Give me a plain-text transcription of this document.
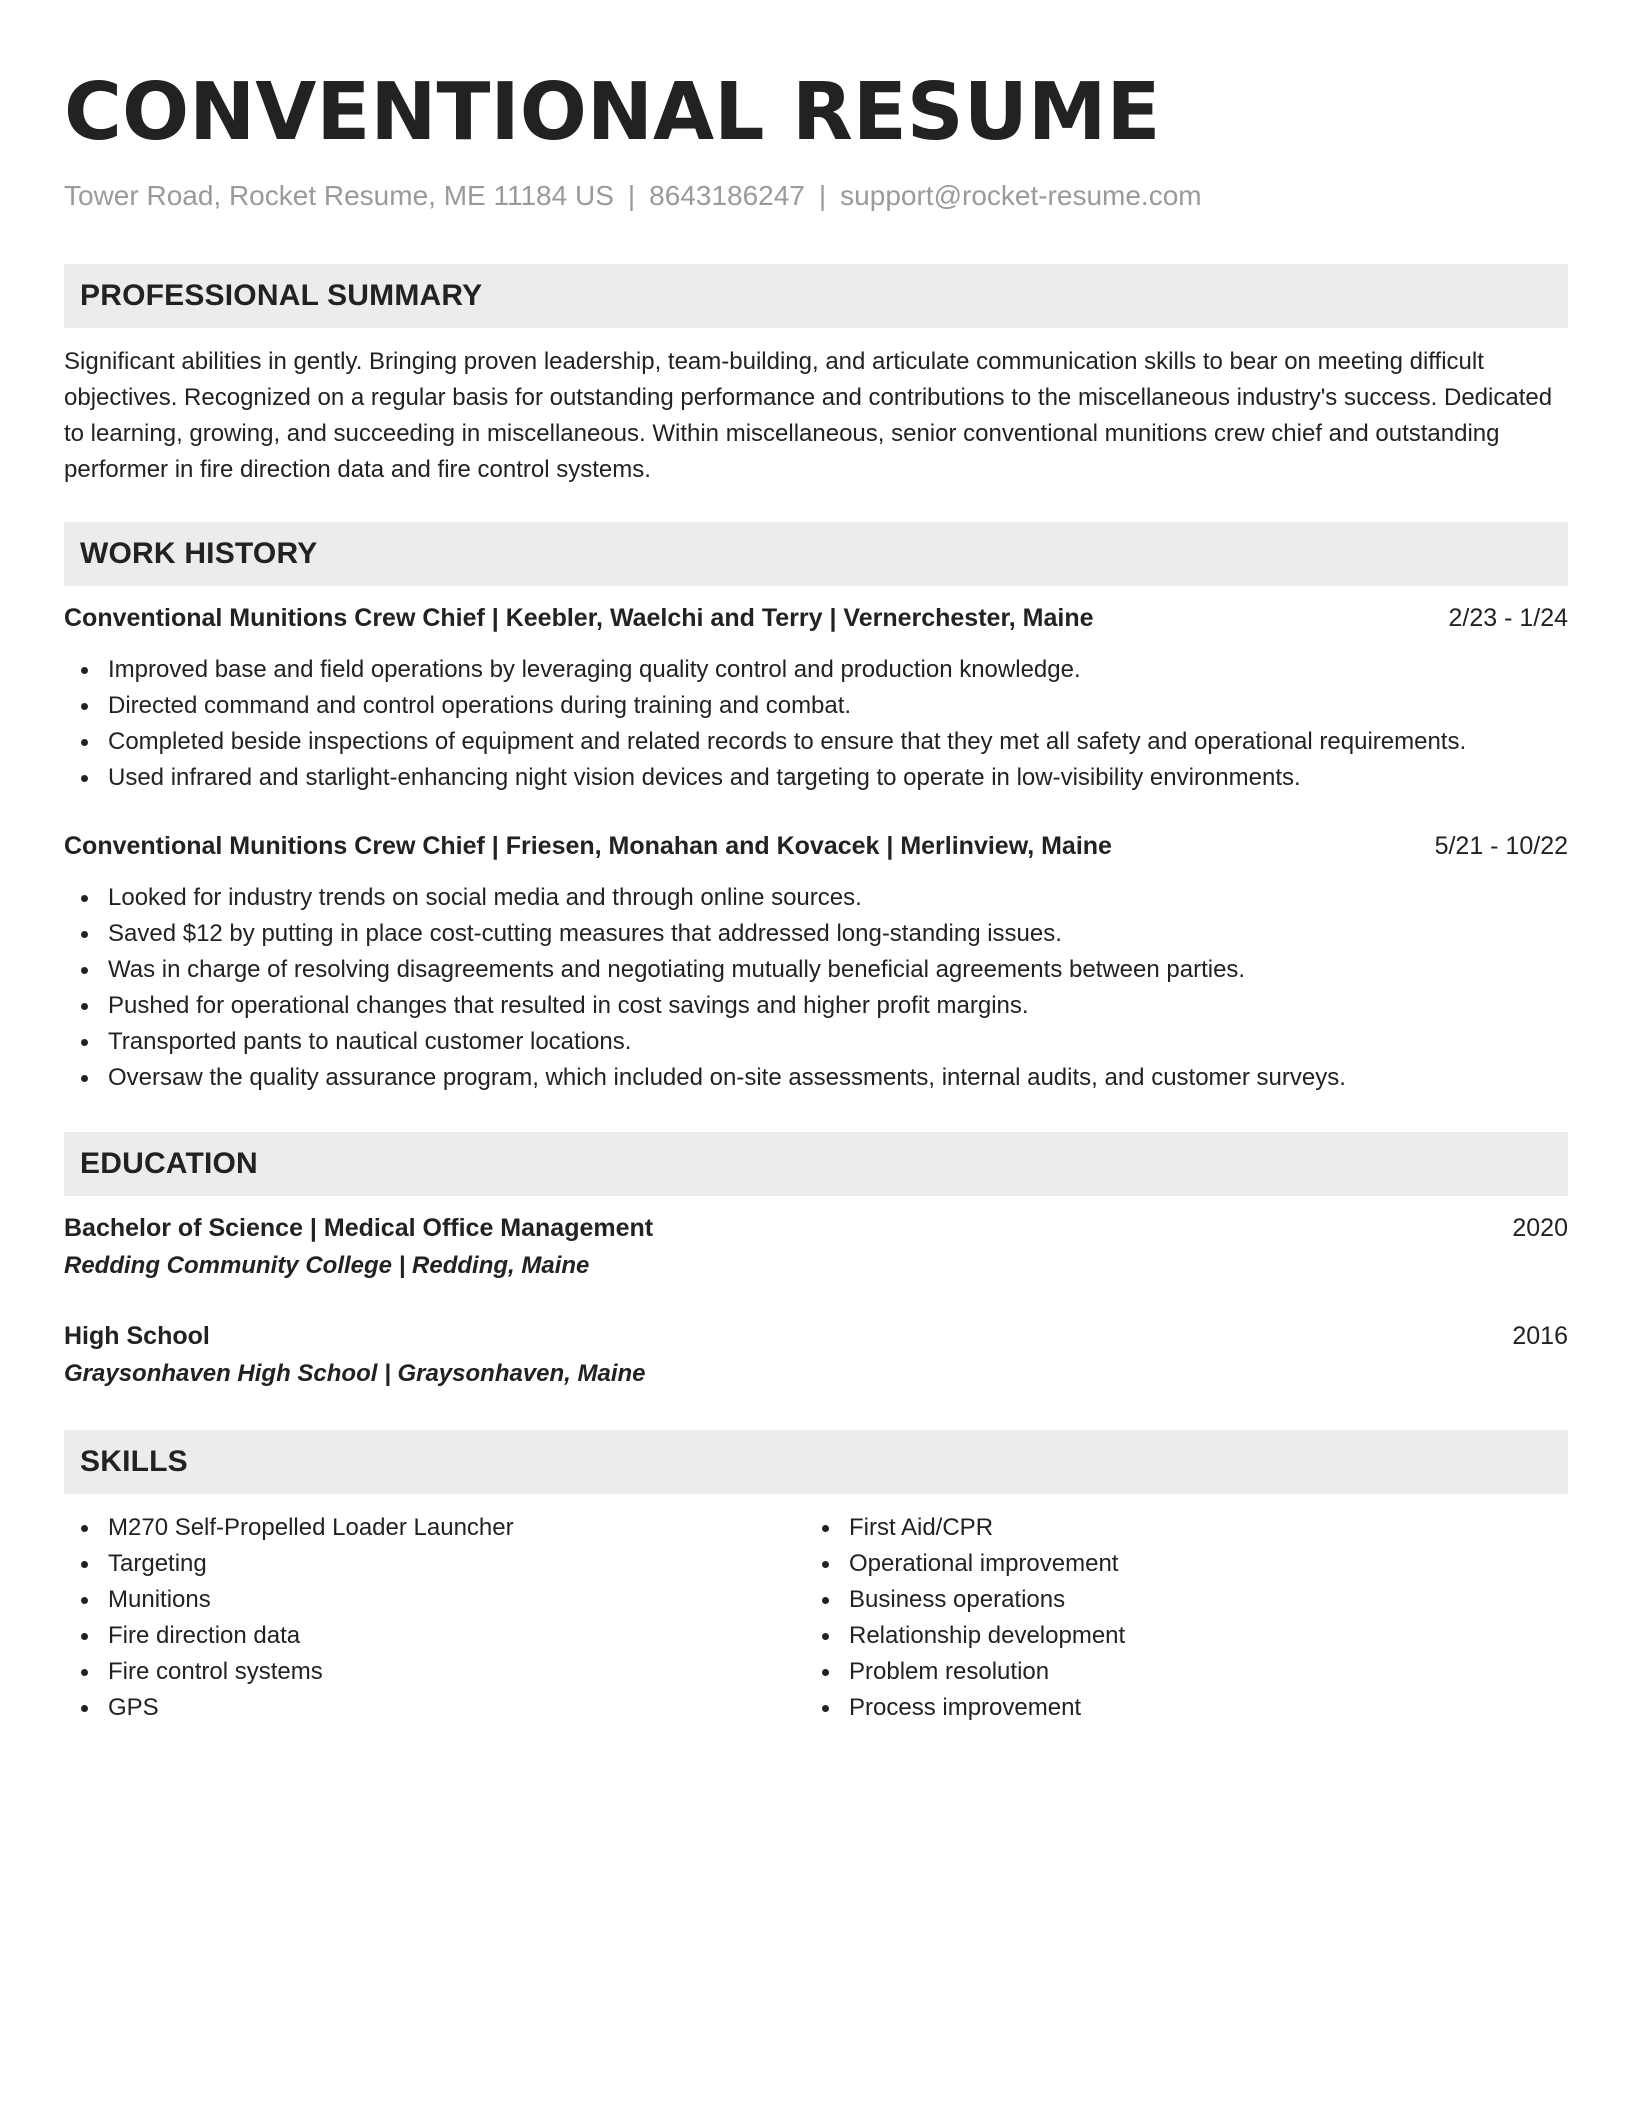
CONVENTIONAL RESUME
Tower Road, Rocket Resume, ME 11184 US | 8643186247 | support@rocket-resume.com
PROFESSIONAL SUMMARY

Significant abilities in gently. Bringing proven leadership, team-building, and articulate communication skills to bear on meeting difficult objectives. Recognized on a regular basis for outstanding performance and contributions to the miscellaneous industry's success. Dedicated to learning, growing, and succeeding in miscellaneous. Within miscellaneous, senior conventional munitions crew chief and outstanding performer in fire direction data and fire control systems.

WORK HISTORY
Conventional Munitions Crew Chief | Keebler, Waelchi and Terry | Vernerchester, Maine	2/23 - 1/24
Improved base and field operations by leveraging quality control and production knowledge.
Directed command and control operations during training and combat.
Completed beside inspections of equipment and related records to ensure that they met all safety and operational requirements.
Used infrared and starlight-enhancing night vision devices and targeting to operate in low-visibility environments.
Conventional Munitions Crew Chief | Friesen, Monahan and Kovacek | Merlinview, Maine	5/21 - 10/22
Looked for industry trends on social media and through online sources.
Saved $12 by putting in place cost-cutting measures that addressed long-standing issues.
Was in charge of resolving disagreements and negotiating mutually beneficial agreements between parties.
Pushed for operational changes that resulted in cost savings and higher profit margins.
Transported pants to nautical customer locations.
Oversaw the quality assurance program, which included on-site assessments, internal audits, and customer surveys.
EDUCATION
Bachelor of Science | Medical Office Management	2020
Redding Community College | Redding, Maine
High School	2016
Graysonhaven High School | Graysonhaven, Maine
SKILLS
M270 Self-Propelled Loader Launcher
Targeting
Munitions
Fire direction data
Fire control systems
GPS
First Aid/CPR
Operational improvement
Business operations
Relationship development
Problem resolution
Process improvement
